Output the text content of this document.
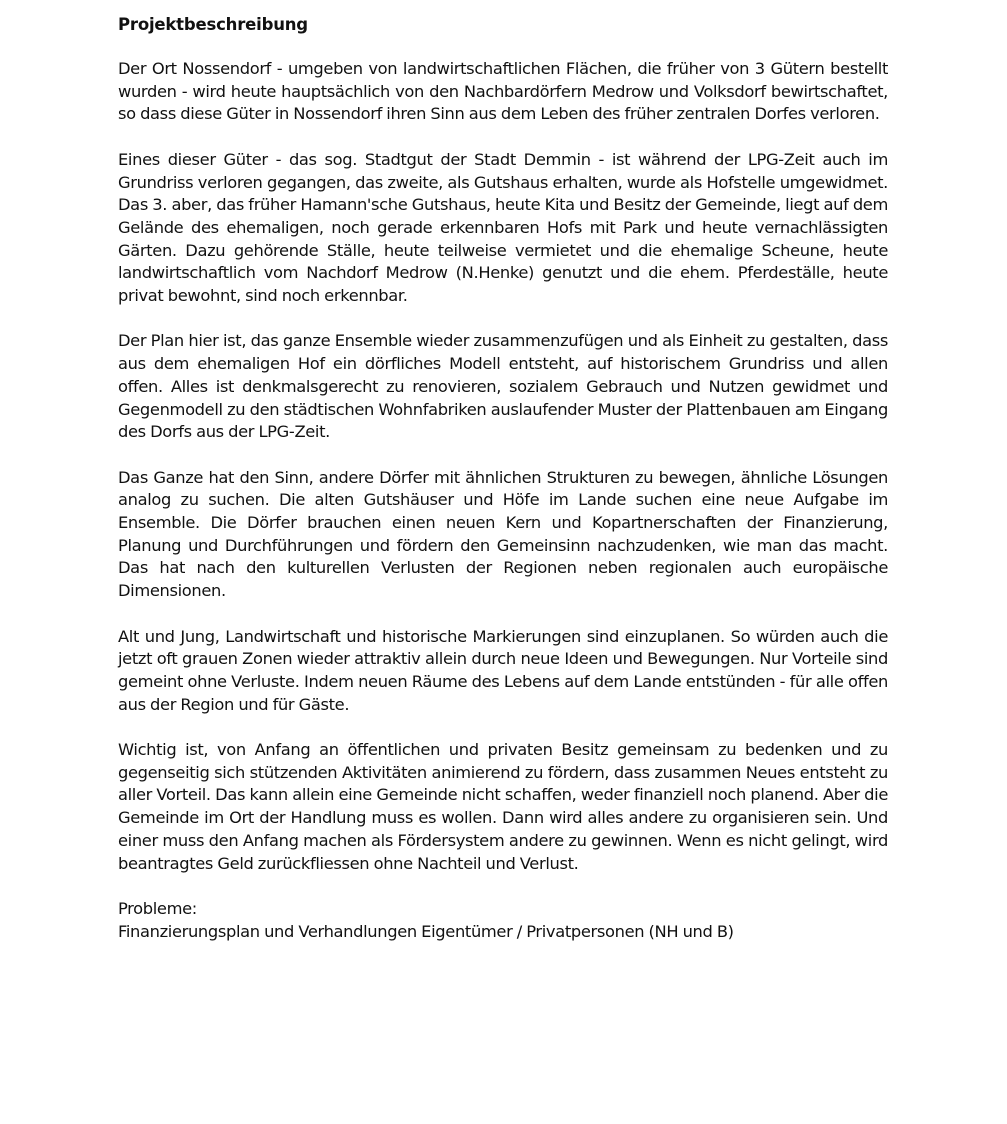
Projektbeschreibung

Der Ort Nossendorf - umgeben von landwirtschaftlichen Flächen, die früher von 3 Gütern bestellt wurden - wird heute hauptsächlich von den Nachbardörfern Medrow und Volksdorf bewirtschaftet, so dass diese Güter in Nossendorf ihren Sinn aus dem Leben des früher zentralen Dorfes verloren.

Eines dieser Güter - das sog. Stadtgut der Stadt Demmin - ist während der LPG-Zeit auch im Grundriss verloren gegangen, das zweite, als Gutshaus erhalten, wurde als Hofstelle umgewidmet. Das 3. aber, das früher Hamann'sche Gutshaus, heute Kita und Besitz der Gemeinde, liegt auf dem Gelände des ehemaligen, noch gerade erkennbaren Hofs mit Park und heute vernachlässigten Gärten. Dazu gehörende Ställe, heute teilweise vermietet und die ehemalige Scheune, heute landwirtschaftlich vom Nachdorf Medrow (N.Henke) genutzt und die ehem. Pferdeställe, heute privat bewohnt, sind noch erkennbar.

Der Plan hier ist, das ganze Ensemble wieder zusammenzufügen und als Einheit zu gestalten, dass aus dem ehemaligen Hof ein dörfliches Modell entsteht, auf historischem Grundriss und allen offen. Alles ist denkmalsgerecht zu renovieren, sozialem Gebrauch und Nutzen gewidmet und Gegenmodell zu den städtischen Wohnfabriken auslaufender Muster der Plattenbauen am Eingang des Dorfs aus der LPG-Zeit.

Das Ganze hat den Sinn, andere Dörfer mit ähnlichen Strukturen zu bewegen, ähnliche Lösungen analog zu suchen. Die alten Gutshäuser und Höfe im Lande suchen eine neue Aufgabe im Ensemble. Die Dörfer brauchen einen neuen Kern und Kopartnerschaften der Finanzierung, Planung und Durchführungen und fördern den Gemeinsinn nachzudenken, wie man das macht. Das hat nach den kulturellen Verlusten der Regionen neben regionalen auch europäische Dimensionen.

Alt und Jung, Landwirtschaft und historische Markierungen sind einzuplanen. So würden auch die jetzt oft grauen Zonen wieder attraktiv allein durch neue Ideen und Bewegungen. Nur Vorteile sind gemeint ohne Verluste. Indem neuen Räume des Lebens auf dem Lande entstünden - für alle offen aus der Region und für Gäste.

Wichtig ist, von Anfang an öffentlichen und privaten Besitz gemeinsam zu bedenken und zu gegenseitig sich stützenden Aktivitäten animierend zu fördern, dass zusammen Neues entsteht zu aller Vorteil. Das kann allein eine Gemeinde nicht schaffen, weder finanziell noch planend. Aber die Gemeinde im Ort der Handlung muss es wollen. Dann wird alles andere zu organisieren sein. Und einer muss den Anfang machen als Fördersystem andere zu gewinnen. Wenn es nicht gelingt, wird beantragtes Geld zurückfliessen ohne Nachteil und Verlust.

Probleme:
Finanzierungsplan und Verhandlungen Eigentümer / Privatpersonen (NH und B)
